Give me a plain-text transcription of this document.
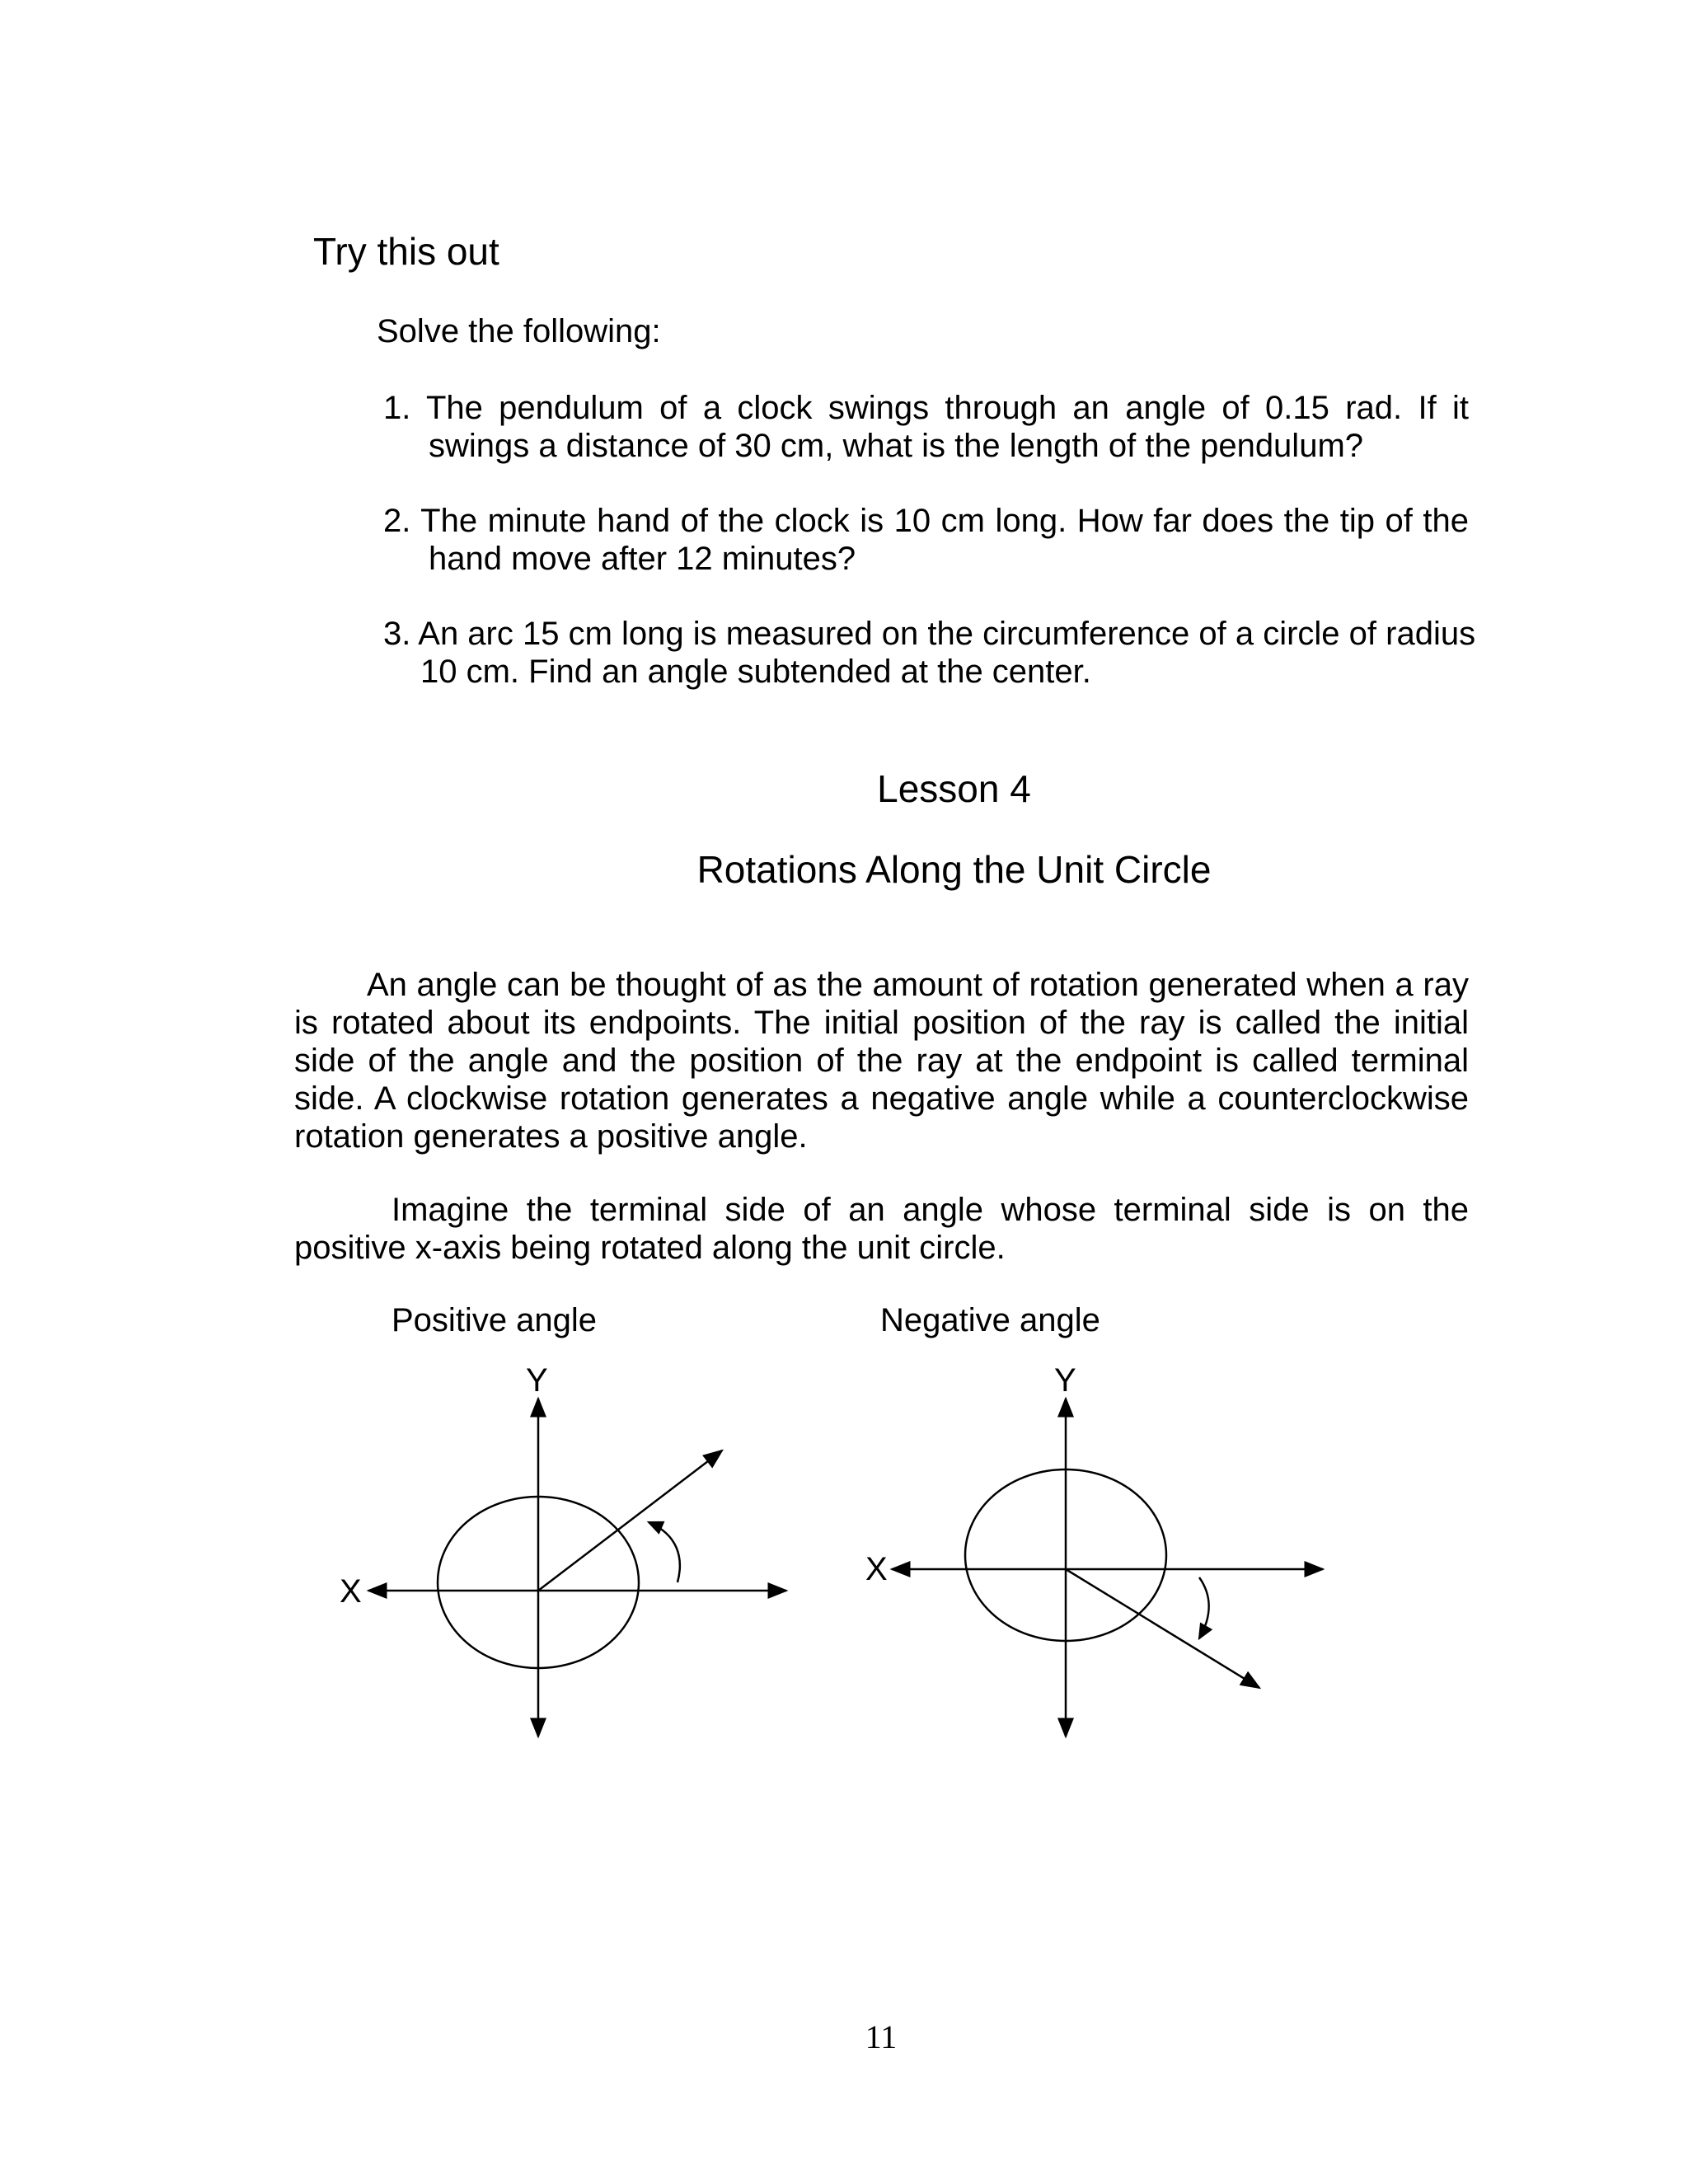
Try this out
Solve the following:
1. The pendulum of a clock swings through an angle of 0.15 rad. If it
swings a distance of 30 cm, what is the length of the pendulum?
2. The minute hand of the clock is 10 cm long. How far does the tip of the
hand move after 12 minutes?
3. An arc 15 cm long is measured on the circumference of a circle of radius
10 cm. Find an angle subtended at the center.
Lesson 4
Rotations Along the Unit Circle
An angle can be thought of as the amount of rotation generated when a ray
is rotated about its endpoints. The initial position of the ray is called the initial
side of the angle and the position of the ray at the endpoint is called terminal
side. A clockwise rotation generates a negative angle while a counterclockwise
rotation generates a positive angle.
Imagine the terminal side of an angle whose terminal side is on the
positive x-axis being rotated along the unit circle.
Positive angle	Negative angle
X
Y
X
Y
11
